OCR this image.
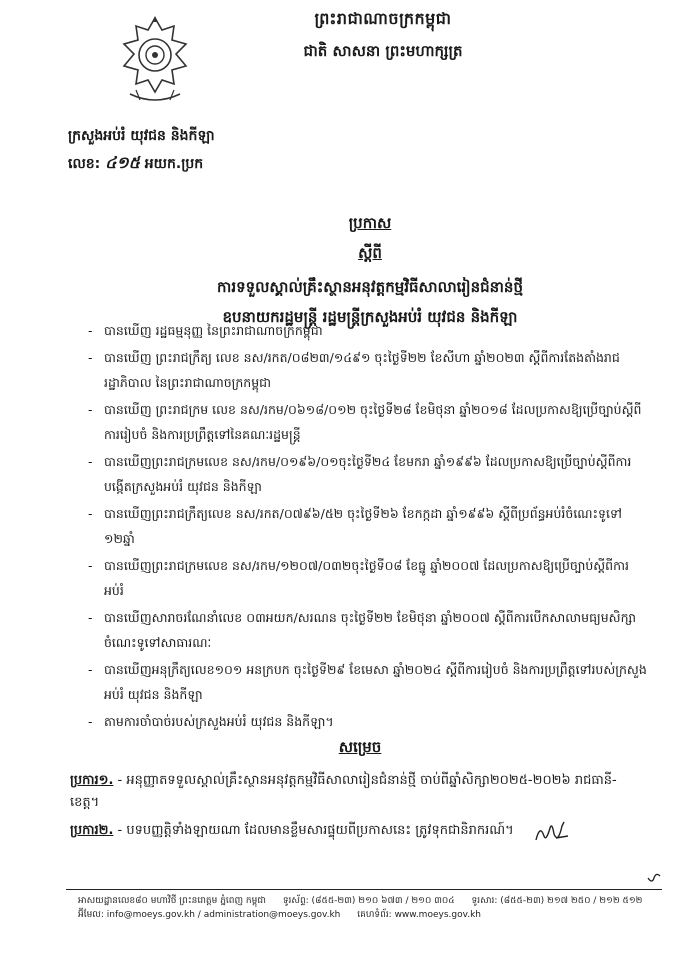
ព្រះរាជាណាចក្រកម្ពុជា
ជាតិ សាសនា ព្រះមហាក្សត្រ
ក្រសួងអប់រំ យុវជន និងកីឡា
លេខ: ៤១៥ អយក.ប្រក
ប្រកាស
ស្តីពី
ការទទួលស្គាល់គ្រឹះស្ថានអនុវត្តកម្មវិធីសាលារៀនជំនាន់ថ្មី
ឧបនាយករដ្ឋមន្ត្រី រដ្ឋមន្ត្រីក្រសួងអប់រំ យុវជន និងកីឡា
- បានឃើញ រដ្ឋធម្មនុញ្ញ នៃព្រះរាជាណាចក្រកម្ពុជា
- បានឃើញ ព្រះរាជក្រឹត្យ លេខ នស/រកត/០៨២៣/១៤៩១ ចុះថ្ងៃទី២២ ខែសីហា ឆ្នាំ២០២៣ ស្តីពីការតែងតាំងរាជរដ្ឋាភិបាល នៃព្រះរាជាណាចក្រកម្ពុជា
- បានឃើញ ព្រះរាជក្រម លេខ នស/រកម/០៦១៨/០១២ ចុះថ្ងៃទី២៨ ខែមិថុនា ឆ្នាំ២០១៨ ដែលប្រកាសឱ្យប្រើច្បាប់ស្តីពីការរៀបចំ និងការប្រព្រឹត្តទៅនៃគណៈរដ្ឋមន្ត្រី
- បានឃើញព្រះរាជក្រមលេខ នស/រកម/០១៩៦/០១ចុះថ្ងៃទី២៤ ខែមករា ឆ្នាំ១៩៩៦ ដែលប្រកាសឱ្យប្រើច្បាប់ស្តីពីការបង្កើតក្រសួងអប់រំ យុវជន និងកីឡា
- បានឃើញព្រះរាជក្រឹត្យលេខ នស/រកត/០៧៩៦/៥២ ចុះថ្ងៃទី២៦ ខែកក្កដា ឆ្នាំ១៩៩៦ ស្តីពីប្រព័ន្ធអប់រំចំណេះទូទៅ ១២ឆ្នាំ
- បានឃើញព្រះរាជក្រមលេខ នស/រកម/១២០៧/០៣២ចុះថ្ងៃទី០៨ ខែធ្នូ ឆ្នាំ២០០៧ ដែលប្រកាសឱ្យប្រើច្បាប់ស្តីពីការអប់រំ
- បានឃើញសារាចរណែនាំលេខ ០៣អយក/សរណន ចុះថ្ងៃទី២២ ខែមិថុនា ឆ្នាំ២០០៧ ស្តីពីការបើកសាលាមធ្យមសិក្សាចំណេះទូទៅសាធារណៈ
- បានឃើញអនុក្រឹត្យលេខ១០១ អនក្របក ចុះថ្ងៃទី២៩ ខែមេសា ឆ្នាំ២០២៤ ស្តីពីការរៀបចំ និងការប្រព្រឹត្តទៅរបស់ក្រសួងអប់រំ យុវជន និងកីឡា
- តាមការចាំបាច់របស់ក្រសួងអប់រំ យុវជន និងកីឡា។
សម្រេច
ប្រការ១. - អនុញ្ញាតទទួលស្គាល់គ្រឹះស្ថានអនុវត្តកម្មវិធីសាលារៀនជំនាន់ថ្មី ចាប់ពីឆ្នាំសិក្សា២០២៥-២០២៦ រាជធានី-ខេត្ត។
ប្រការ២. - បទបញ្ញត្តិទាំងឡាយណា ដែលមានខ្លឹមសារផ្ទុយពីប្រកាសនេះ ត្រូវទុកជានិរាករណ៍។
អាសយដ្ឋានលេខ៨០ មហាវិថី ព្រះនរោត្តម ភ្នំពេញ កម្ពុជា ទូរស័ព្ទ: (៨៥៥-២៣) ២១០ ៦៧៣ / ២១០ ៣០៤ ទូរសារ: (៨៥៥-២៣) ២១៧ ២៥០ / ២១២ ៥១២
អ៊ីមែល: info@moeys.gov.kh / administration@moeys.gov.kh គេហទំព័រ: www.moeys.gov.kh
